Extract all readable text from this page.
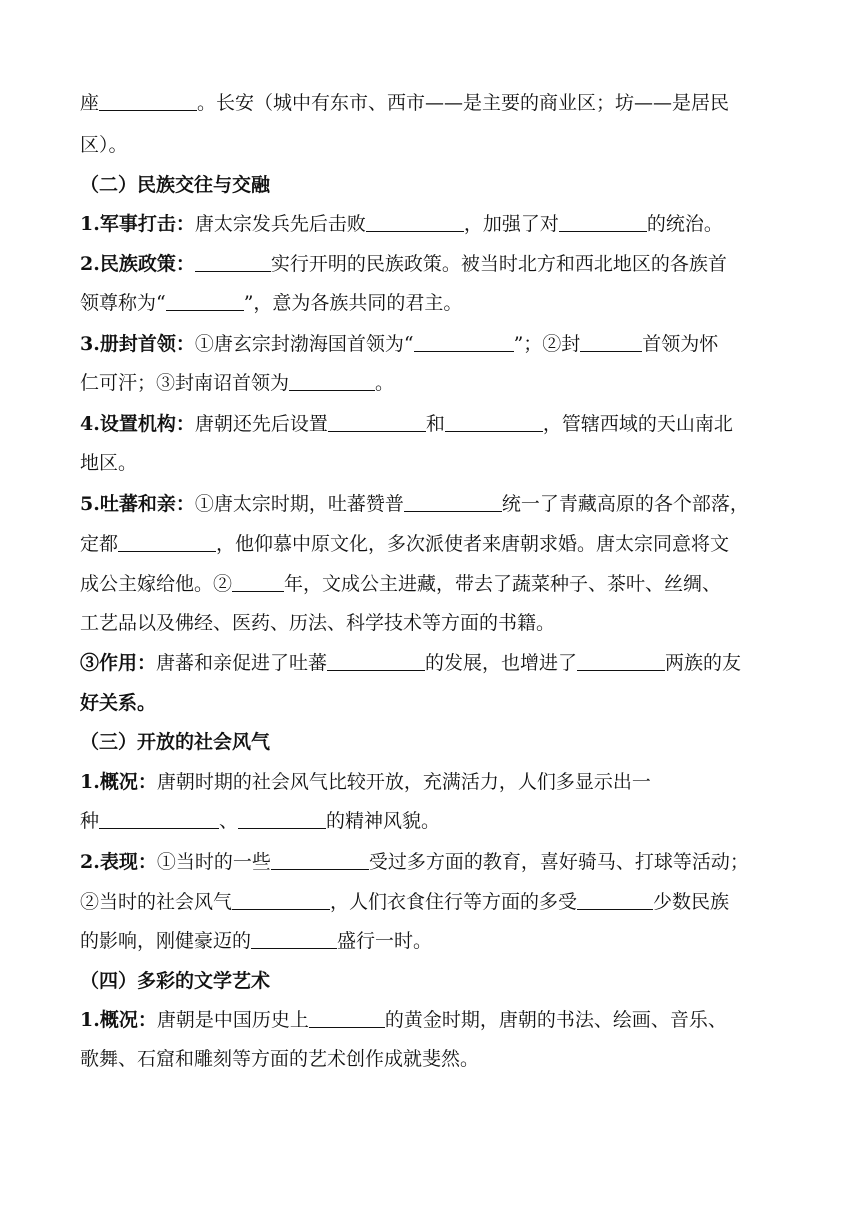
座	。长安（城中有东市、西市——是主要的商业区；坊——是居民
区）。
（二）民族交往与交融
1.军事打击：唐太宗发兵先后击败	，加强了对	的统治。
2.民族政策：	实行开明的民族政策。被当时北方和西北地区的各族首
领尊称为“	”，意为各族共同的君主。
3.册封首领：①唐玄宗封渤海国首领为“	”；②封	首领为怀
仁可汗；③封南诏首领为	。
4.设置机构：唐朝还先后设置	和	，管辖西域的天山南北
地区。
5.吐蕃和亲：①唐太宗时期，吐蕃赞普	统一了青藏高原的各个部落，
定都	，他仰慕中原文化，多次派使者来唐朝求婚。唐太宗同意将文
成公主嫁给他。②	年，文成公主进藏，带去了蔬菜种子、茶叶、丝绸、
工艺品以及佛经、医药、历法、科学技术等方面的书籍。
③作用：唐蕃和亲促进了吐蕃	的发展，也增进了	两族的友
好关系。
（三）开放的社会风气
1.概况：唐朝时期的社会风气比较开放，充满活力，人们多显示出一
种	、	的精神风貌。
2.表现：①当时的一些	受过多方面的教育，喜好骑马、打球等活动；
②当时的社会风气	，人们衣食住行等方面的多受	少数民族
的影响，刚健豪迈的	盛行一时。
（四）多彩的文学艺术
1.概况：唐朝是中国历史上	的黄金时期，唐朝的书法、绘画、音乐、
歌舞、石窟和雕刻等方面的艺术创作成就斐然。
